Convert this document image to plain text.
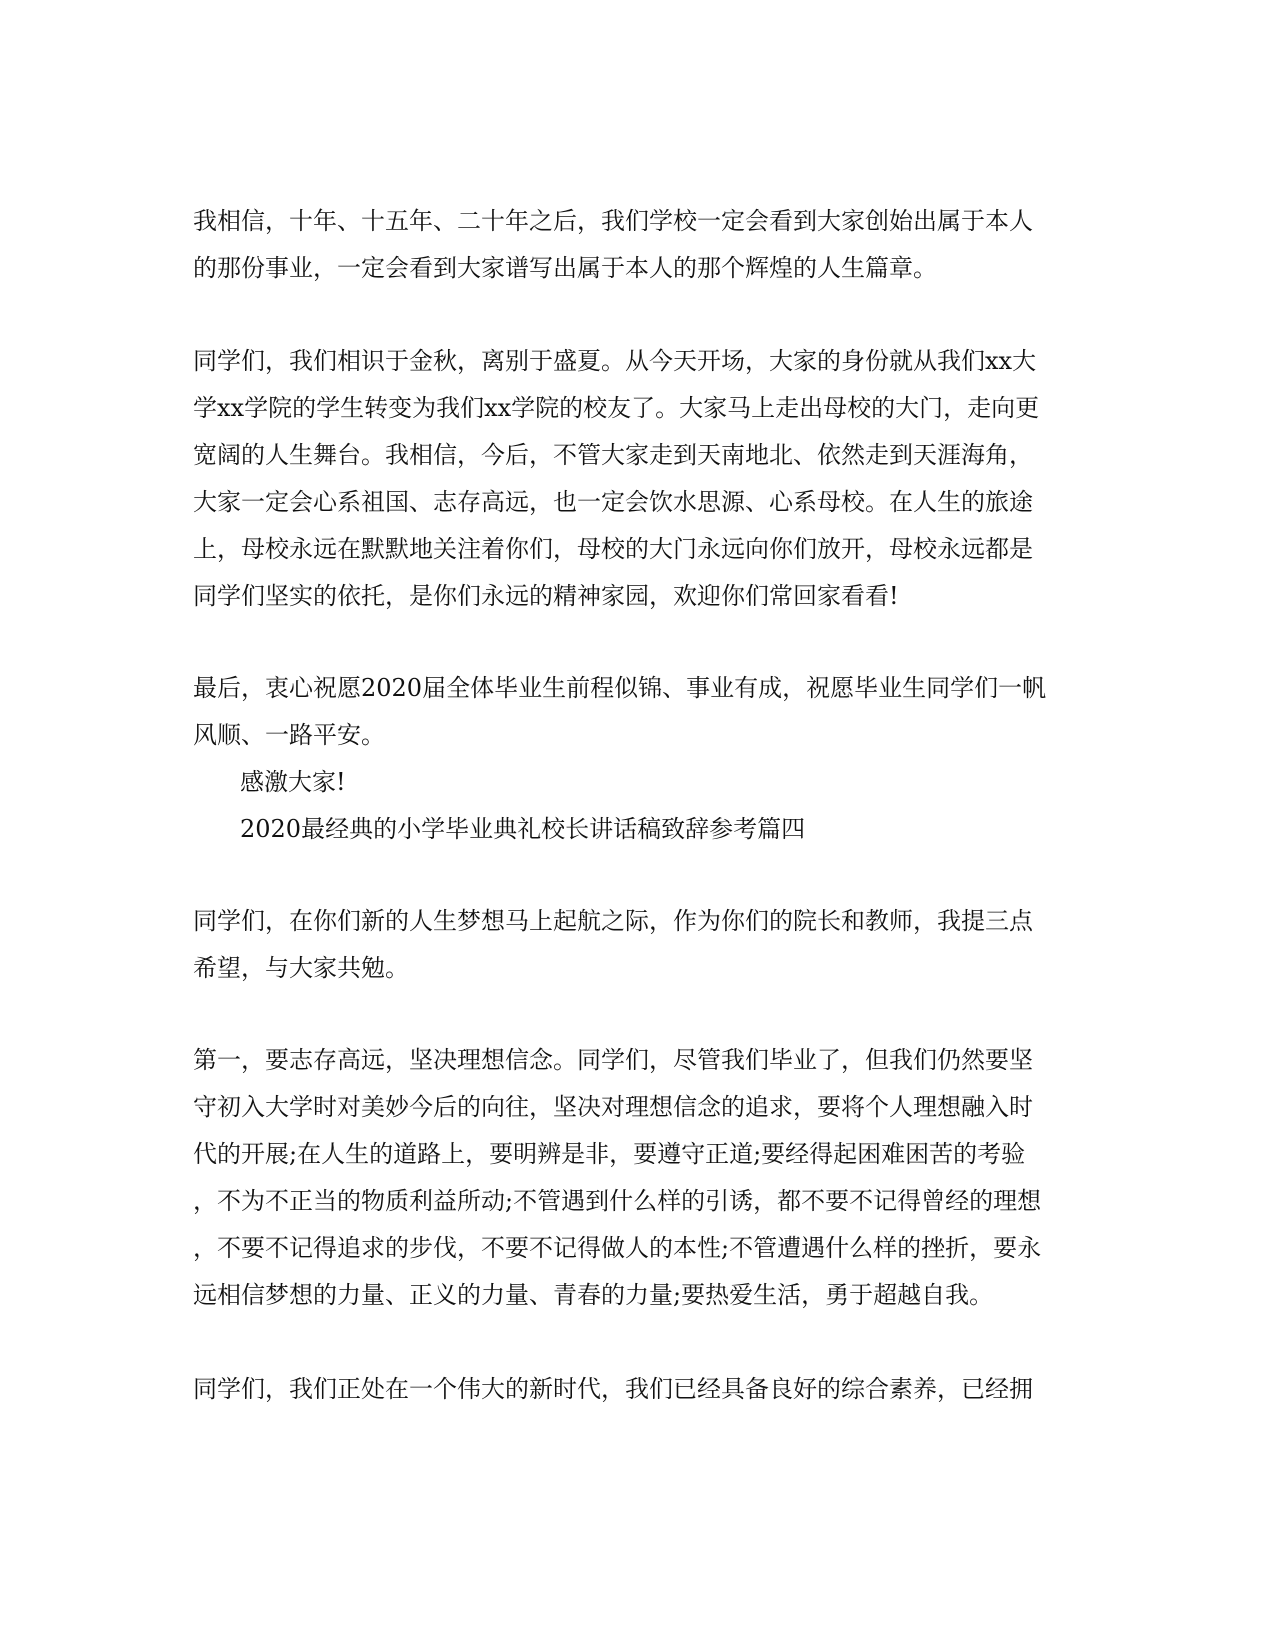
我相信，十年、十五年、二十年之后，我们学校一定会看到大家创始出属于本人
的那份事业，一定会看到大家谱写出属于本人的那个辉煌的人生篇章。
同学们，我们相识于金秋，离别于盛夏。从今天开场，大家的身份就从我们xx大
学xx学院的学生转变为我们xx学院的校友了。大家马上走出母校的大门，走向更
宽阔的人生舞台。我相信，今后，不管大家走到天南地北、依然走到天涯海角，
大家一定会心系祖国、志存高远，也一定会饮水思源、心系母校。在人生的旅途
上，母校永远在默默地关注着你们，母校的大门永远向你们放开，母校永远都是
同学们坚实的依托，是你们永远的精神家园，欢迎你们常回家看看!
最后，衷心祝愿2020届全体毕业生前程似锦、事业有成，祝愿毕业生同学们一帆
风顺、一路平安。
感激大家!
2020最经典的小学毕业典礼校长讲话稿致辞参考篇四
同学们，在你们新的人生梦想马上起航之际，作为你们的院长和教师，我提三点
希望，与大家共勉。
第一，要志存高远，坚决理想信念。同学们，尽管我们毕业了，但我们仍然要坚
守初入大学时对美妙今后的向往，坚决对理想信念的追求，要将个人理想融入时
代的开展;在人生的道路上，要明辨是非，要遵守正道;要经得起困难困苦的考验
，不为不正当的物质利益所动;不管遇到什么样的引诱，都不要不记得曾经的理想
，不要不记得追求的步伐，不要不记得做人的本性;不管遭遇什么样的挫折，要永
远相信梦想的力量、正义的力量、青春的力量;要热爱生活，勇于超越自我。
同学们，我们正处在一个伟大的新时代，我们已经具备良好的综合素养，已经拥
